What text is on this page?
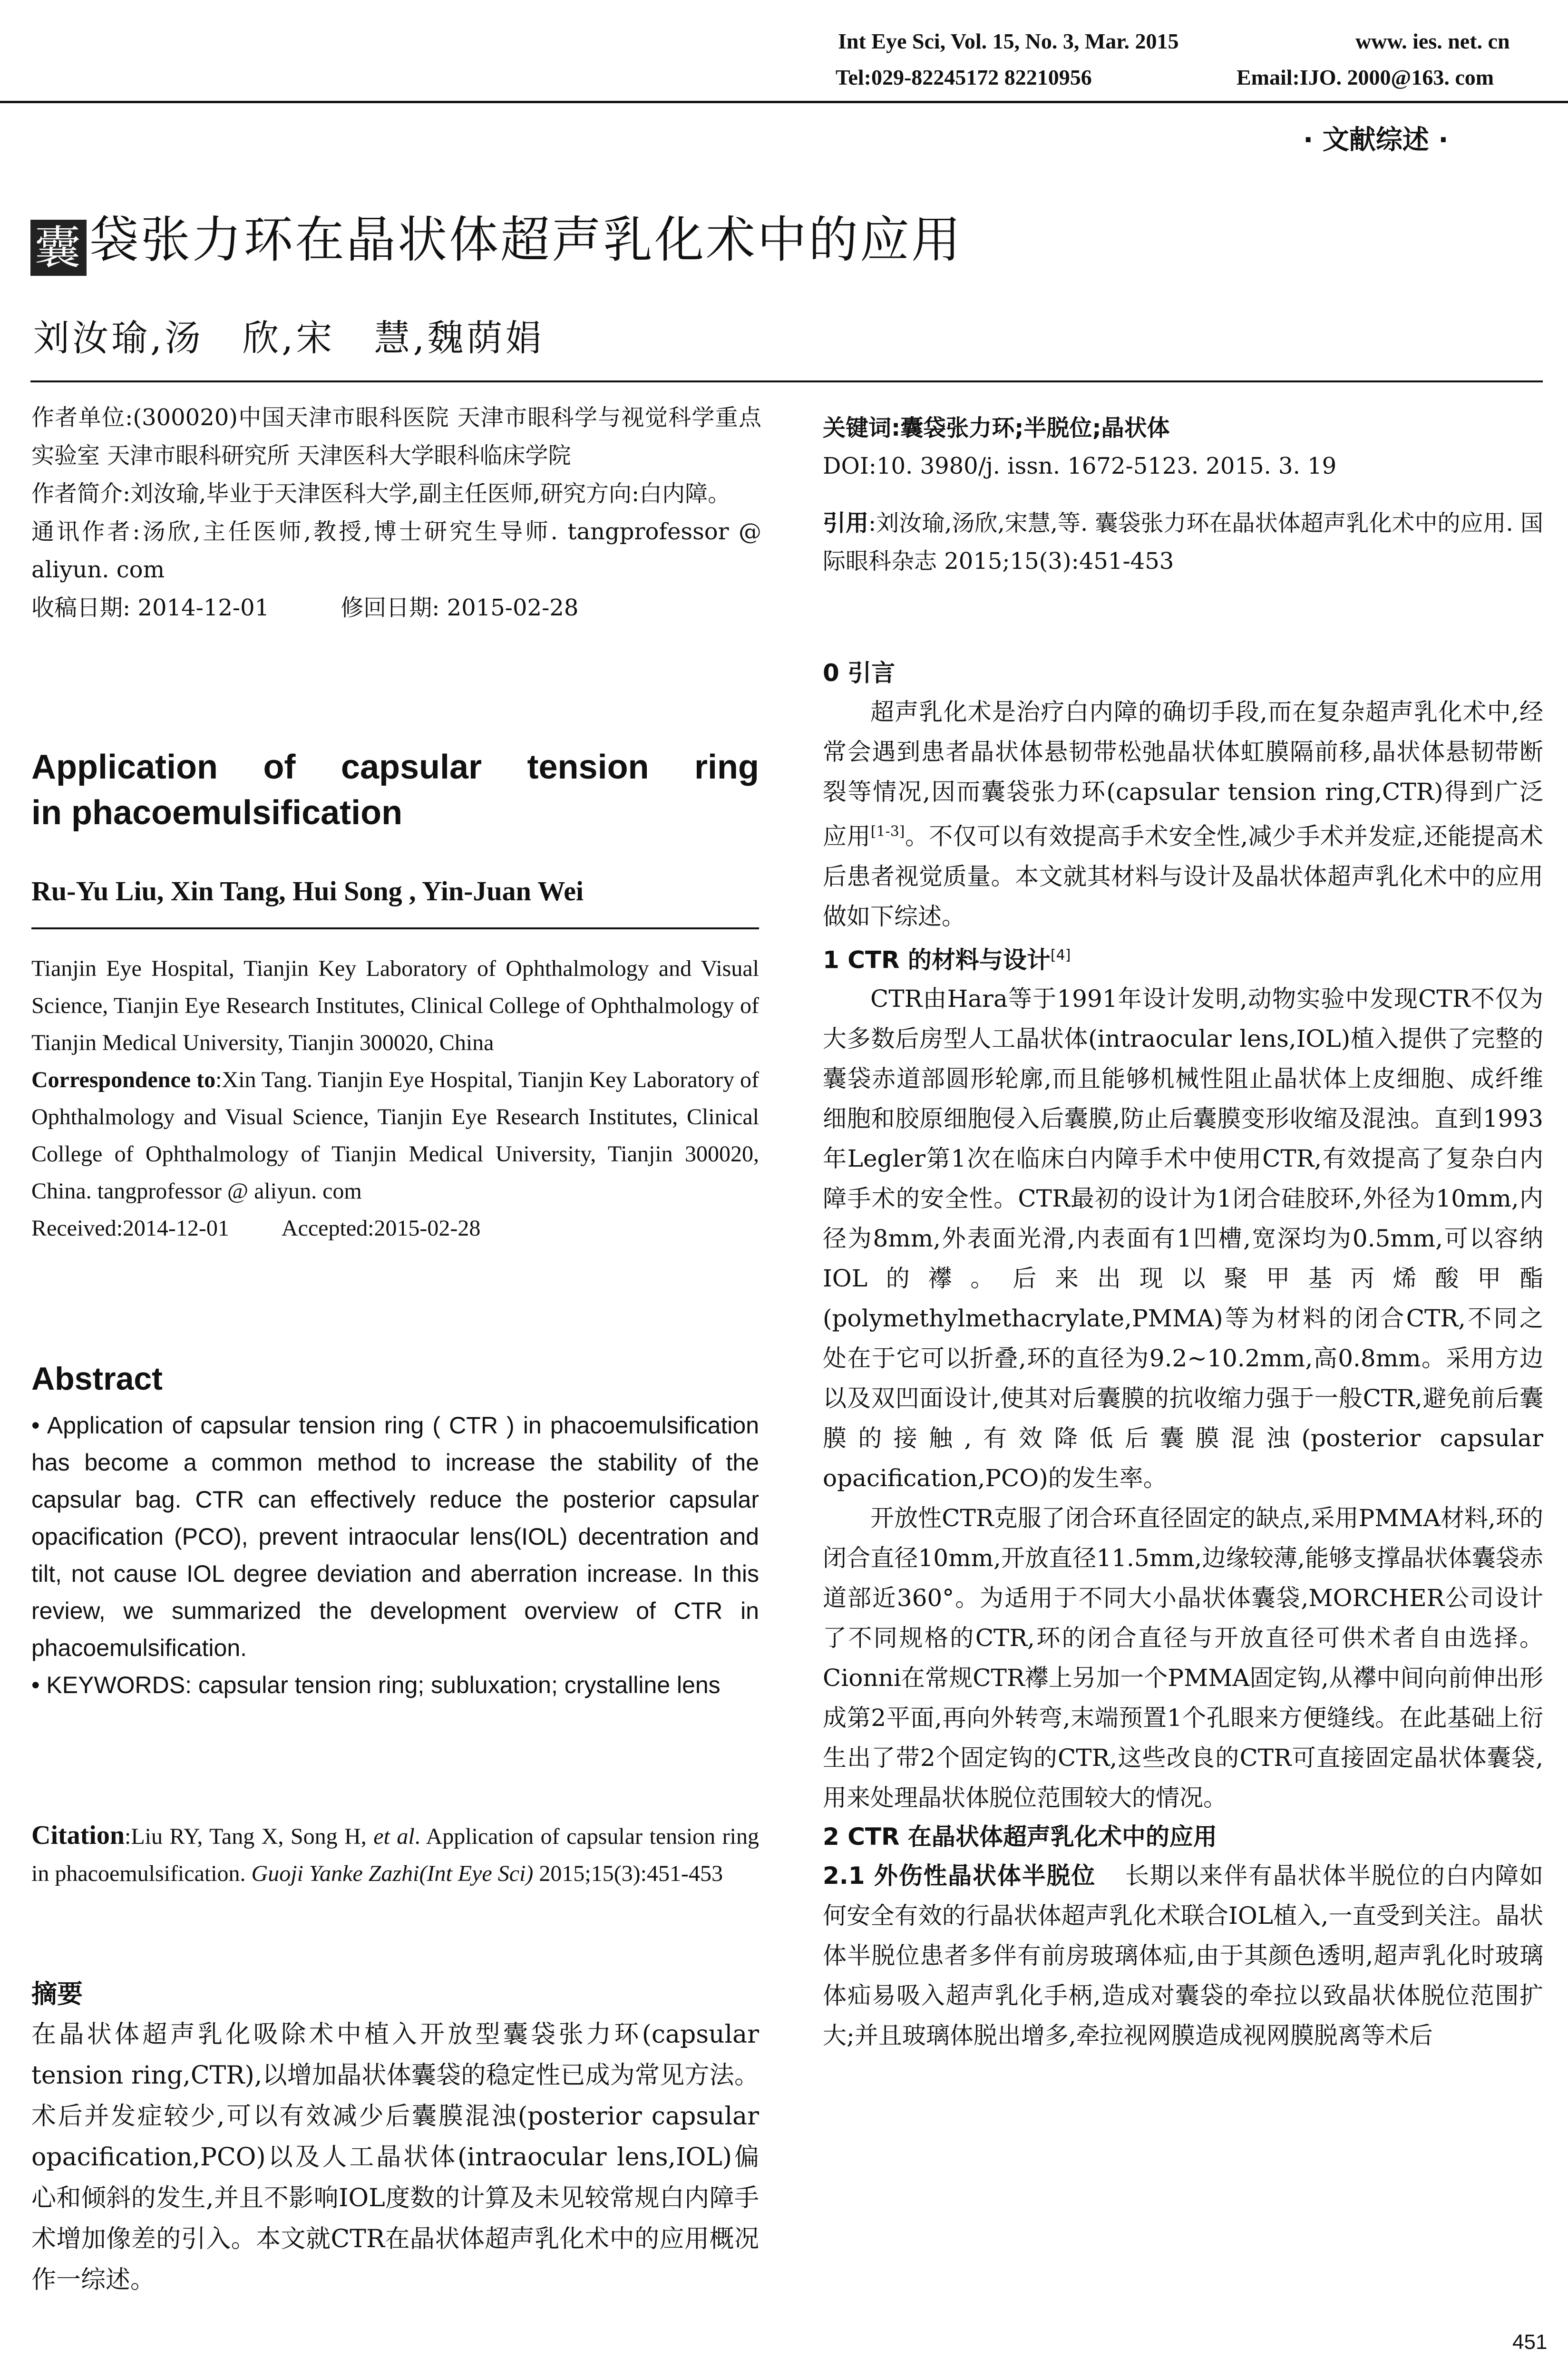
Int Eye Sci, Vol. 15, No. 3, Mar. 2015	www. ies. net. cn
Tel:029-82245172 82210956	Email:IJO. 2000@163. com
· 文献综述 ·
囊 袋张力环在晶状体超声乳化术中的应用
刘汝瑜,汤　欣,宋　慧,魏荫娟

作者单位:(300020)中国天津市眼科医院 天津市眼科学与视觉科学重点实验室 天津市眼科研究所 天津医科大学眼科临床学院

作者简介:刘汝瑜,毕业于天津医科大学,副主任医师,研究方向:白内障。

通讯作者:汤欣,主任医师,教授,博士研究生导师. tangprofessor @ aliyun. com

收稿日期: 2014-12-01	修回日期: 2015-02-28

Application of capsular tension ring
in phacoemulsification
Ru-Yu Liu, Xin Tang, Hui Song , Yin-Juan Wei
Tianjin Eye Hospital, Tianjin Key Laboratory of Ophthalmology and Visual Science, Tianjin Eye Research Institutes, Clinical College of Ophthalmology of Tianjin Medical University, Tianjin 300020, China
Correspondence to:Xin Tang. Tianjin Eye Hospital, Tianjin Key Laboratory of Ophthalmology and Visual Science, Tianjin Eye Research Institutes, Clinical College of Ophthalmology of Tianjin Medical University, Tianjin 300020, China. tangprofessor @ aliyun. com
Received:2014-12-01 Accepted:2015-02-28
Abstract
• Application of capsular tension ring ( CTR ) in phacoemulsification has become a common method to increase the stability of the capsular bag. CTR can effectively reduce the posterior capsular opacification (PCO), prevent intraocular lens(IOL) decentration and tilt, not cause IOL degree deviation and aberration increase. In this review, we summarized the development overview of CTR in phacoemulsification.
• KEYWORDS: capsular tension ring; subluxation; crystalline lens
Citation:Liu RY, Tang X, Song H, et al. Application of capsular tension ring in phacoemulsification. Guoji Yanke Zazhi(Int Eye Sci) 2015;15(3):451-453
摘要
在晶状体超声乳化吸除术中植入开放型囊袋张力环(capsular tension ring,CTR),以增加晶状体囊袋的稳定性已成为常见方法。术后并发症较少,可以有效减少后囊膜混浊(posterior capsular opacification,PCO)以及人工晶状体(intraocular lens,IOL)偏心和倾斜的发生,并且不影响IOL度数的计算及未见较常规白内障手术增加像差的引入。本文就CTR在晶状体超声乳化术中的应用概况作一综述。

关键词:囊袋张力环;半脱位;晶状体

DOI:10. 3980/j. issn. 1672-5123. 2015. 3. 19

引用:刘汝瑜,汤欣,宋慧,等. 囊袋张力环在晶状体超声乳化术中的应用. 国际眼科杂志 2015;15(3):451-453

0 引言

超声乳化术是治疗白内障的确切手段,而在复杂超声乳化术中,经常会遇到患者晶状体悬韧带松弛晶状体虹膜隔前移,晶状体悬韧带断裂等情况,因而囊袋张力环(capsular tension ring,CTR)得到广泛应用[1-3]。不仅可以有效提高手术安全性,减少手术并发症,还能提高术后患者视觉质量。本文就其材料与设计及晶状体超声乳化术中的应用做如下综述。

1 CTR 的材料与设计[4]

CTR由Hara等于1991年设计发明,动物实验中发现CTR不仅为大多数后房型人工晶状体(intraocular lens,IOL)植入提供了完整的囊袋赤道部圆形轮廓,而且能够机械性阻止晶状体上皮细胞、成纤维细胞和胶原细胞侵入后囊膜,防止后囊膜变形收缩及混浊。直到1993年Legler第1次在临床白内障手术中使用CTR,有效提高了复杂白内障手术的安全性。CTR最初的设计为1闭合硅胶环,外径为10mm,内径为8mm,外表面光滑,内表面有1凹槽,宽深均为0.5mm,可以容纳IOL的襻。后来出现以聚甲基丙烯酸甲酯(polymethylmethacrylate,PMMA)等为材料的闭合CTR,不同之处在于它可以折叠,环的直径为9.2~10.2mm,高0.8mm。采用方边以及双凹面设计,使其对后囊膜的抗收缩力强于一般CTR,避免前后囊膜的接触,有效降低后囊膜混浊(posterior capsular opacification,PCO)的发生率。

开放性CTR克服了闭合环直径固定的缺点,采用PMMA材料,环的闭合直径10mm,开放直径11.5mm,边缘较薄,能够支撑晶状体囊袋赤道部近360°。为适用于不同大小晶状体囊袋,MORCHER公司设计了不同规格的CTR,环的闭合直径与开放直径可供术者自由选择。Cionni在常规CTR襻上另加一个PMMA固定钩,从襻中间向前伸出形成第2平面,再向外转弯,末端预置1个孔眼来方便缝线。在此基础上衍生出了带2个固定钩的CTR,这些改良的CTR可直接固定晶状体囊袋,用来处理晶状体脱位范围较大的情况。

2 CTR 在晶状体超声乳化术中的应用

2.1 外伤性晶状体半脱位 长期以来伴有晶状体半脱位的白内障如何安全有效的行晶状体超声乳化术联合IOL植入,一直受到关注。晶状体半脱位患者多伴有前房玻璃体疝,由于其颜色透明,超声乳化时玻璃体疝易吸入超声乳化手柄,造成对囊袋的牵拉以致晶状体脱位范围扩大;并且玻璃体脱出增多,牵拉视网膜造成视网膜脱离等术后

451
